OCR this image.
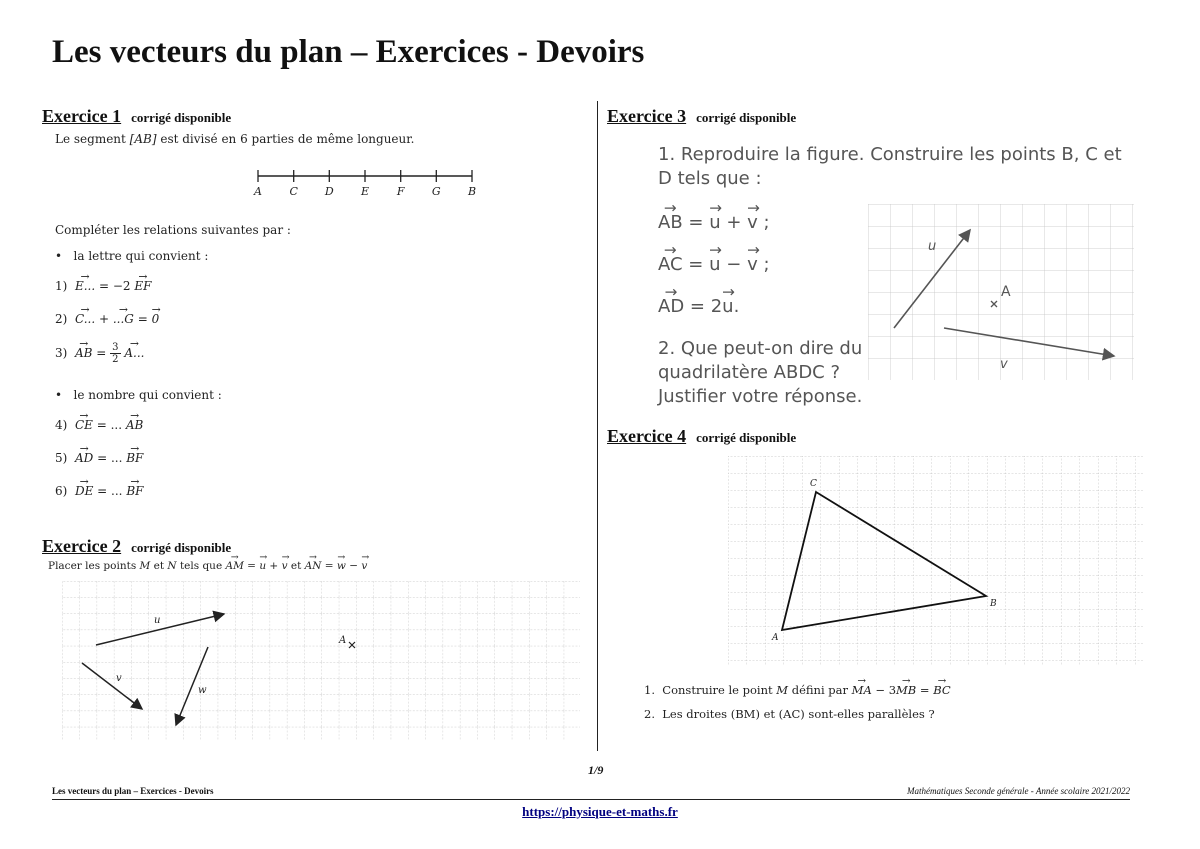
Les vecteurs du plan – Exercices - Devoirs
Exercice 1 corrigé disponible
Le segment [AB] est divisé en 6 parties de même longueur.
A	C D E	F G B
Compléter les relations suivantes par :
•   la lettre qui convient :
1)  → E... = −2 → EF
2)  → C... + → ...G = → 0
3)  → AB = $\frac{3}{2}$
→ A...
•   le nombre qui convient :
4)  → CE = ... → AB
5)  → AD = ... → BF
6)  → DE = ... → BF
Exercice 2 corrigé disponible
Placer les points M et N tels que → AM = → u + → v et → AN = → w − → v
u
v
w
A
Exercice 3 corrigé disponible
1. Reproduire la figure. Construire les points B, C et
D tels que :
→ AB = → u + → v ;
→ AC = → u − → v ;
→ AD = 2→ u.
2. Que peut-on dire du
quadrilatère ABDC ?
Justifier votre réponse.
u
v
A
Exercice 4 corrigé disponible
A
B
C
1. Construire le point M défini par → MA − 3→ MB = → BC
2. Les droites (BM) et (AC) sont-elles parallèles ?
1/9
Les vecteurs du plan – Exercices - Devoirs	Mathématiques Seconde générale - Année scolaire 2021/2022
https://physique-et-maths.fr
